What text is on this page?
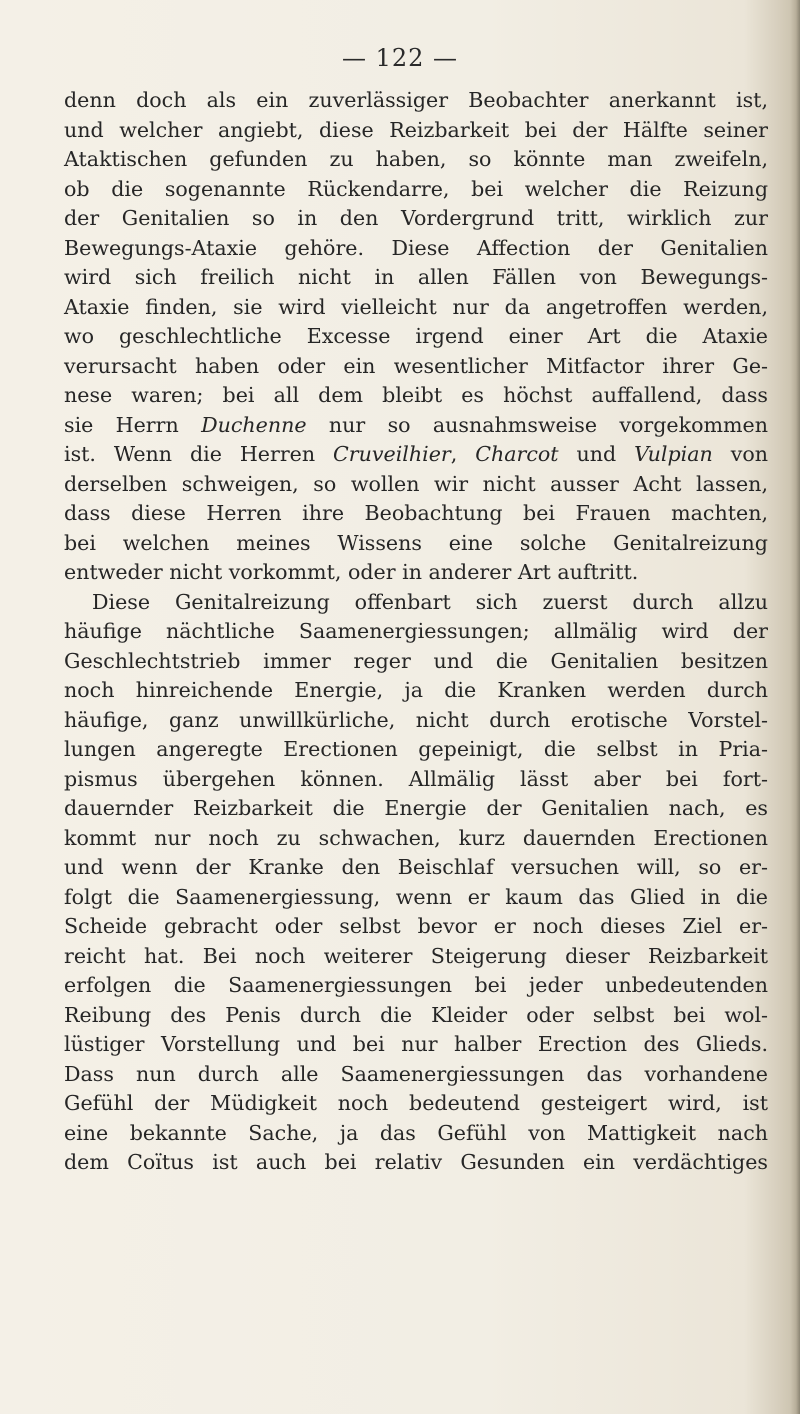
— 122 —
denn doch als ein zuverlässiger Beobachter anerkannt ist,
und welcher angiebt, diese Reizbarkeit bei der Hälfte seiner
Ataktischen gefunden zu haben, so könnte man zweifeln,
ob die sogenannte Rückendarre, bei welcher die Reizung
der Genitalien so in den Vordergrund tritt, wirklich zur
Bewegungs-Ataxie gehöre. Diese Affection der Genitalien
wird sich freilich nicht in allen Fällen von Bewegungs-
Ataxie finden, sie wird vielleicht nur da angetroffen werden,
wo geschlechtliche Excesse irgend einer Art die Ataxie
verursacht haben oder ein wesentlicher Mitfactor ihrer Ge-
nese waren; bei all dem bleibt es höchst auffallend, dass
sie Herrn Duchenne nur so ausnahmsweise vorgekommen
ist. Wenn die Herren Cruveilhier, Charcot und Vulpian von
derselben schweigen, so wollen wir nicht ausser Acht lassen,
dass diese Herren ihre Beobachtung bei Frauen machten,
bei welchen meines Wissens eine solche Genitalreizung
entweder nicht vorkommt, oder in anderer Art auftritt.
Diese Genitalreizung offenbart sich zuerst durch allzu
häufige nächtliche Saamenergiessungen; allmälig wird der
Geschlechtstrieb immer reger und die Genitalien besitzen
noch hinreichende Energie, ja die Kranken werden durch
häufige, ganz unwillkürliche, nicht durch erotische Vorstel-
lungen angeregte Erectionen gepeinigt, die selbst in Pria-
pismus übergehen können. Allmälig lässt aber bei fort-
dauernder Reizbarkeit die Energie der Genitalien nach, es
kommt nur noch zu schwachen, kurz dauernden Erectionen
und wenn der Kranke den Beischlaf versuchen will, so er-
folgt die Saamenergiessung, wenn er kaum das Glied in die
Scheide gebracht oder selbst bevor er noch dieses Ziel er-
reicht hat. Bei noch weiterer Steigerung dieser Reizbarkeit
erfolgen die Saamenergiessungen bei jeder unbedeutenden
Reibung des Penis durch die Kleider oder selbst bei wol-
lüstiger Vorstellung und bei nur halber Erection des Glieds.
Dass nun durch alle Saamenergiessungen das vorhandene
Gefühl der Müdigkeit noch bedeutend gesteigert wird, ist
eine bekannte Sache, ja das Gefühl von Mattigkeit nach
dem Coïtus ist auch bei relativ Gesunden ein verdächtiges
